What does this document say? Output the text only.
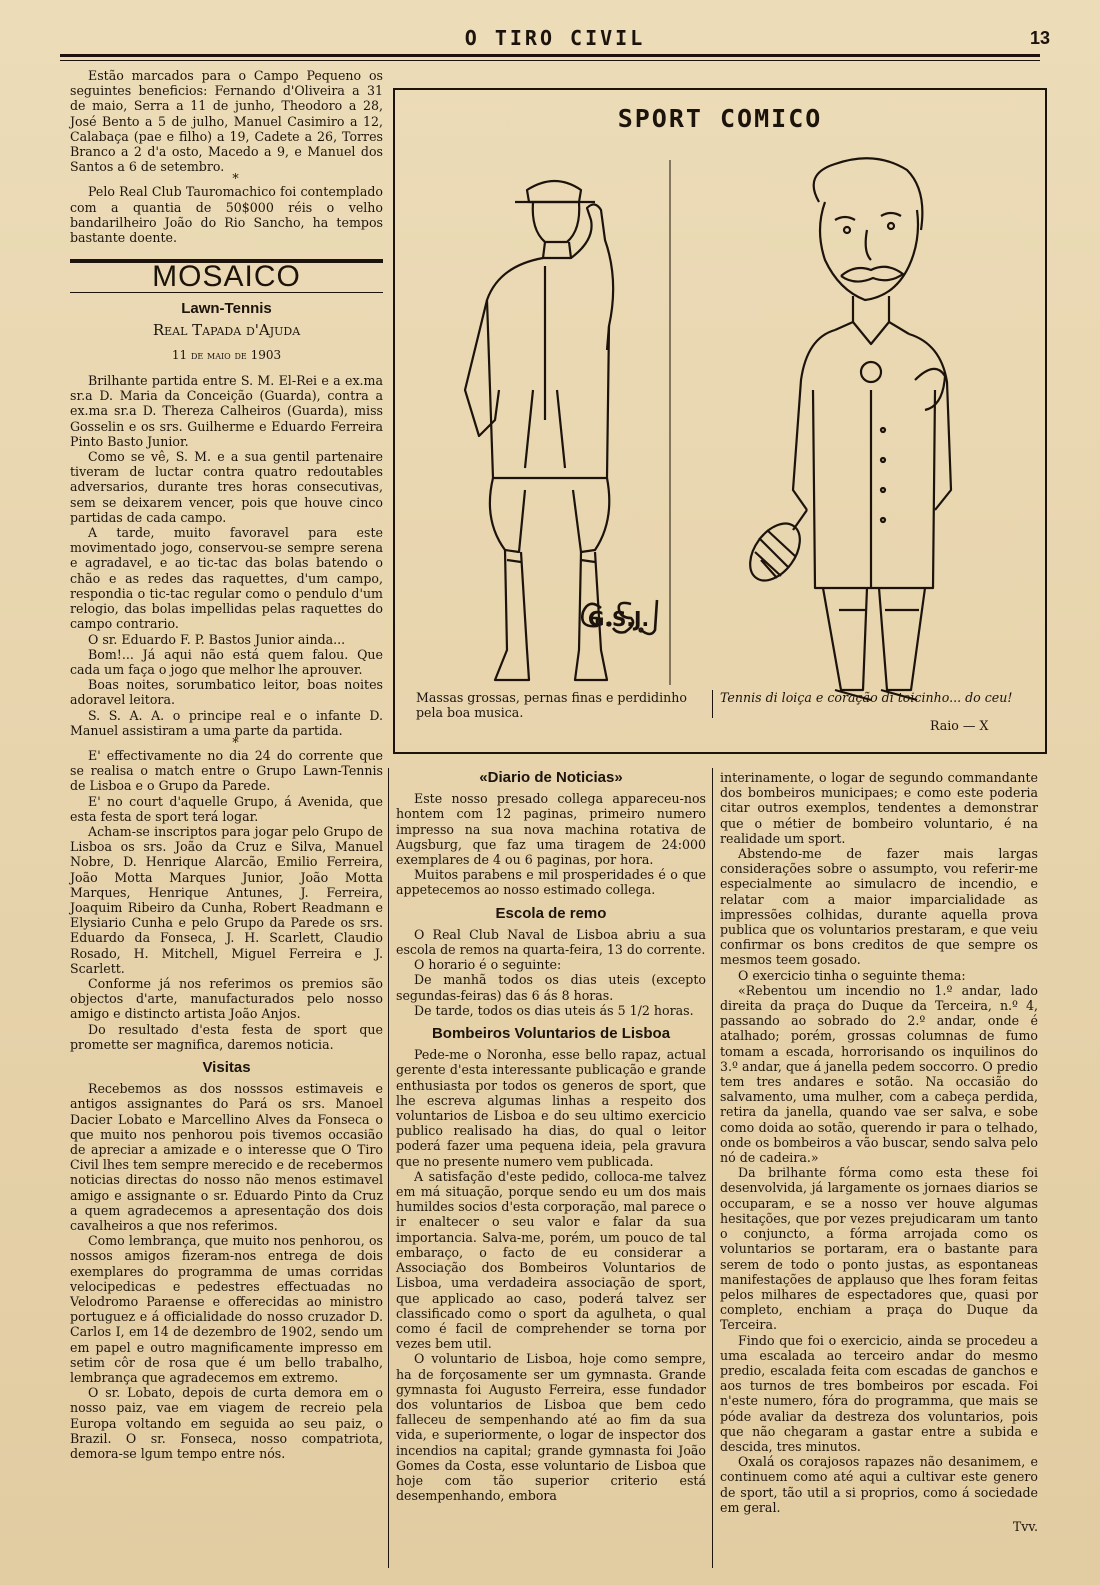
O TIRO CIVIL	13

Estão marcados para o Campo Pequeno os seguintes beneficios: Fernando d'Oliveira a 31 de maio, Serra a 11 de junho, Theodoro a 28, José Bento a 5 de julho, Manuel Casimiro a 12, Calabaça (pae e filho) a 19, Cadete a 26, Torres Branco a 2 d'a osto, Macedo a 9, e Manuel dos Santos a 6 de setembro.

*

Pelo Real Club Tauromachico foi contemplado com a quantia de 50$000 réis o velho bandarilheiro João do Rio Sancho, ha tempos bastante doente.

MOSAICO
Lawn-Tennis
Real Tapada d'Ajuda
11 de maio de 1903

Brilhante partida entre S. M. El-Rei e a ex.ma sr.a D. Maria da Conceição (Guarda), contra a ex.ma sr.a D. Thereza Calheiros (Guarda), miss Gosselin e os srs. Guilherme e Eduardo Ferreira Pinto Basto Junior.

Como se vê, S. M. e a sua gentil partenaire tiveram de luctar contra quatro redoutables adversarios, durante tres horas consecutivas, sem se deixarem vencer, pois que houve cinco partidas de cada campo.

A tarde, muito favoravel para este movimentado jogo, conservou-se sempre serena e agradavel, e ao tic-tac das bolas batendo o chão e as redes das raquettes, d'um campo, respondia o tic-tac regular como o pendulo d'um relogio, das bolas impellidas pelas raquettes do campo contrario.

O sr. Eduardo F. P. Bastos Junior ainda...

Bom!... Já aqui não está quem falou. Que cada um faça o jogo que melhor lhe aprouver.

Boas noites, sorumbatico leitor, boas noites adoravel leitora.

S. S. A. A. o principe real e o infante D. Manuel assistiram a uma parte da partida.

*

E' effectivamente no dia 24 do corrente que se realisa o match entre o Grupo Lawn-Tennis de Lisboa e o Grupo da Parede.

E' no court d'aquelle Grupo, á Avenida, que esta festa de sport terá logar.

Acham-se inscriptos para jogar pelo Grupo de Lisboa os srs. João da Cruz e Silva, Manuel Nobre, D. Henrique Alarcão, Emilio Ferreira, João Motta Marques Junior, João Motta Marques, Henrique Antunes, J. Ferreira, Joaquim Ribeiro da Cunha, Robert Readmann e Elysiario Cunha e pelo Grupo da Parede os srs. Eduardo da Fonseca, J. H. Scarlett, Claudio Rosado, H. Mitchell, Miguel Ferreira e J. Scarlett.

Conforme já nos referimos os premios são objectos d'arte, manufacturados pelo nosso amigo e distincto artista João Anjos.

Do resultado d'esta festa de sport que promette ser magnifica, daremos noticia.

Visitas

Recebemos as dos nosssos estimaveis e antigos assignantes do Pará os srs. Manoel Dacier Lobato e Marcellino Alves da Fonseca o que muito nos penhorou pois tivemos occasião de apreciar a amizade e o interesse que O Tiro Civil lhes tem sempre merecido e de recebermos noticias directas do nosso não menos estimavel amigo e assignante o sr. Eduardo Pinto da Cruz a quem agradecemos a apresentação dos dois cavalheiros a que nos referimos.

Como lembrança, que muito nos penhorou, os nossos amigos fizeram-nos entrega de dois exemplares do programma de umas corridas velocipedicas e pedestres effectuadas no Velodromo Paraense e offerecidas ao ministro portuguez e á officialidade do nosso cruzador D. Carlos I, em 14 de dezembro de 1902, sendo um em papel e outro magnificamente impresso em setim côr de rosa que é um bello trabalho, lembrança que agradecemos em extremo.

O sr. Lobato, depois de curta demora em o nosso paiz, vae em viagem de recreio pela Europa voltando em seguida ao seu paiz, o Brazil. O sr. Fonseca, nosso compatriota, demora-se lgum tempo entre nós.

SPORT COMICO
Massas grossas, pernas finas e perdidinho pela boa musica.
Tennis di loiça e coração di toicinho... do ceu!
Raio — X
G.S.J.
«Diario de Noticias»

Este nosso presado collega appareceu-nos hontem com 12 paginas, primeiro numero impresso na sua nova machina rotativa de Augsburg, que faz uma tiragem de 24:000 exemplares de 4 ou 6 paginas, por hora.

Muitos parabens e mil prosperidades é o que appetecemos ao nosso estimado collega.

Escola de remo

O Real Club Naval de Lisboa abriu a sua escola de remos na quarta-feira, 13 do corrente.

O horario é o seguinte:

De manhã todos os dias uteis (excepto segundas-feiras) das 6 ás 8 horas.

De tarde, todos os dias uteis ás 5 1/2 horas.

Bombeiros Voluntarios de Lisboa

Pede-me o Noronha, esse bello rapaz, actual gerente d'esta interessante publicação e grande enthusiasta por todos os generos de sport, que lhe escreva algumas linhas a respeito dos voluntarios de Lisboa e do seu ultimo exercicio publico realisado ha dias, do qual o leitor poderá fazer uma pequena ideia, pela gravura que no presente numero vem publicada.

A satisfação d'este pedido, colloca-me talvez em má situação, porque sendo eu um dos mais humildes socios d'esta corporação, mal parece o ir enaltecer o seu valor e falar da sua importancia. Salva-me, porém, um pouco de tal embaraço, o facto de eu considerar a Associação dos Bombeiros Voluntarios de Lisboa, uma verdadeira associação de sport, que applicado ao caso, poderá talvez ser classificado como o sport da agulheta, o qual como é facil de comprehender se torna por vezes bem util.

O voluntario de Lisboa, hoje como sempre, ha de forçosamente ser um gymnasta. Grande gymnasta foi Augusto Ferreira, esse fundador dos voluntarios de Lisboa que bem cedo falleceu de sempenhando até ao fim da sua vida, e superiormente, o logar de inspector dos incendios na capital; grande gymnasta foi João Gomes da Costa, esse voluntario de Lisboa que hoje com tão superior criterio está desempenhando, embora

interinamente, o logar de segundo commandante dos bombeiros municipaes; e como este poderia citar outros exemplos, tendentes a demonstrar que o métier de bombeiro voluntario, é na realidade um sport.

Abstendo-me de fazer mais largas considerações sobre o assumpto, vou referir-me especialmente ao simulacro de incendio, e relatar com a maior imparcialidade as impressões colhidas, durante aquella prova publica que os voluntarios prestaram, e que veiu confirmar os bons creditos de que sempre os mesmos teem gosado.

O exercicio tinha o seguinte thema:

«Rebentou um incendio no 1.º andar, lado direita da praça do Duque da Terceira, n.º 4, passando ao sobrado do 2.º andar, onde é atalhado; porém, grossas columnas de fumo tomam a escada, horrorisando os inquilinos do 3.º andar, que á janella pedem soccorro. O predio tem tres andares e sotão. Na occasião do salvamento, uma mulher, com a cabeça perdida, retira da janella, quando vae ser salva, e sobe como doida ao sotão, querendo ir para o telhado, onde os bombeiros a vão buscar, sendo salva pelo nó de cadeira.»

Da brilhante fórma como esta these foi desenvolvida, já largamente os jornaes diarios se occuparam, e se a nosso ver houve algumas hesitações, que por vezes prejudicaram um tanto o conjuncto, a fórma arrojada como os voluntarios se portaram, era o bastante para serem de todo o ponto justas, as espontaneas manifestações de applauso que lhes foram feitas pelos milhares de espectadores que, quasi por completo, enchiam a praça do Duque da Terceira.

Findo que foi o exercicio, ainda se procedeu a uma escalada ao terceiro andar do mesmo predio, escalada feita com escadas de ganchos e aos turnos de tres bombeiros por escada. Foi n'este numero, fóra do programma, que mais se póde avaliar da destreza dos voluntarios, pois que não chegaram a gastar entre a subida e descida, tres minutos.

Oxalá os corajosos rapazes não desanimem, e continuem como até aqui a cultivar este genero de sport, tão util a si proprios, como á sociedade em geral.

Tvv.
